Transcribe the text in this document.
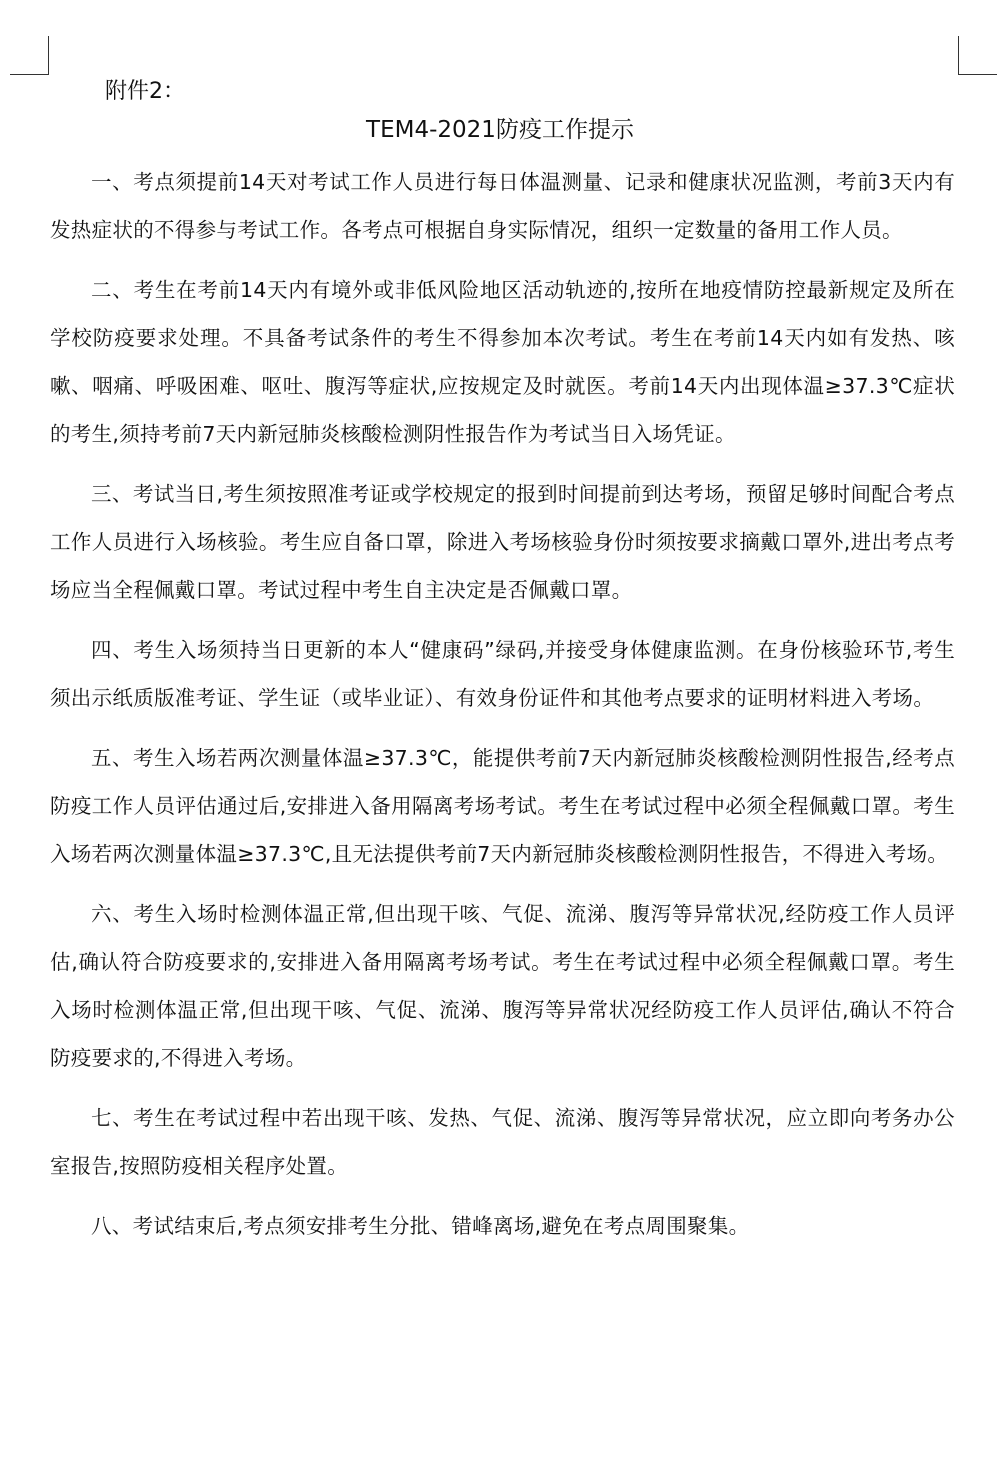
附件2：

TEM4-2021防疫工作提示

一、考点须提前14天对考试工作人员进行每日体温测量、记录和健康状况监测，考前3天内有发热症状的不得参与考试工作。各考点可根据自身实际情况，组织一定数量的备用工作人员。

二、考生在考前14天内有境外或非低风险地区活动轨迹的,按所在地疫情防控最新规定及所在学校防疫要求处理。不具备考试条件的考生不得参加本次考试。考生在考前14天内如有发热、咳嗽、咽痛、呼吸困难、呕吐、腹泻等症状,应按规定及时就医。考前14天内出现体温≥37.3℃症状的考生,须持考前7天内新冠肺炎核酸检测阴性报告作为考试当日入场凭证。

三、考试当日,考生须按照准考证或学校规定的报到时间提前到达考场，预留足够时间配合考点工作人员进行入场核验。考生应自备口罩，除进入考场核验身份时须按要求摘戴口罩外,进出考点考场应当全程佩戴口罩。考试过程中考生自主决定是否佩戴口罩。

四、考生入场须持当日更新的本人“健康码”绿码,并接受身体健康监测。在身份核验环节,考生须出示纸质版准考证、学生证（或毕业证）、有效身份证件和其他考点要求的证明材料进入考场。

五、考生入场若两次测量体温≥37.3℃，能提供考前7天内新冠肺炎核酸检测阴性报告,经考点防疫工作人员评估通过后,安排进入备用隔离考场考试。考生在考试过程中必须全程佩戴口罩。考生入场若两次测量体温≥37.3℃,且无法提供考前7天内新冠肺炎核酸检测阴性报告，不得进入考场。

六、考生入场时检测体温正常,但出现干咳、气促、流涕、腹泻等异常状况,经防疫工作人员评估,确认符合防疫要求的,安排进入备用隔离考场考试。考生在考试过程中必须全程佩戴口罩。考生入场时检测体温正常,但出现干咳、气促、流涕、腹泻等异常状况经防疫工作人员评估,确认不符合防疫要求的,不得进入考场。

七、考生在考试过程中若出现干咳、发热、气促、流涕、腹泻等异常状况，应立即向考务办公室报告,按照防疫相关程序处置。

八、考试结束后,考点须安排考生分批、错峰离场,避免在考点周围聚集。
